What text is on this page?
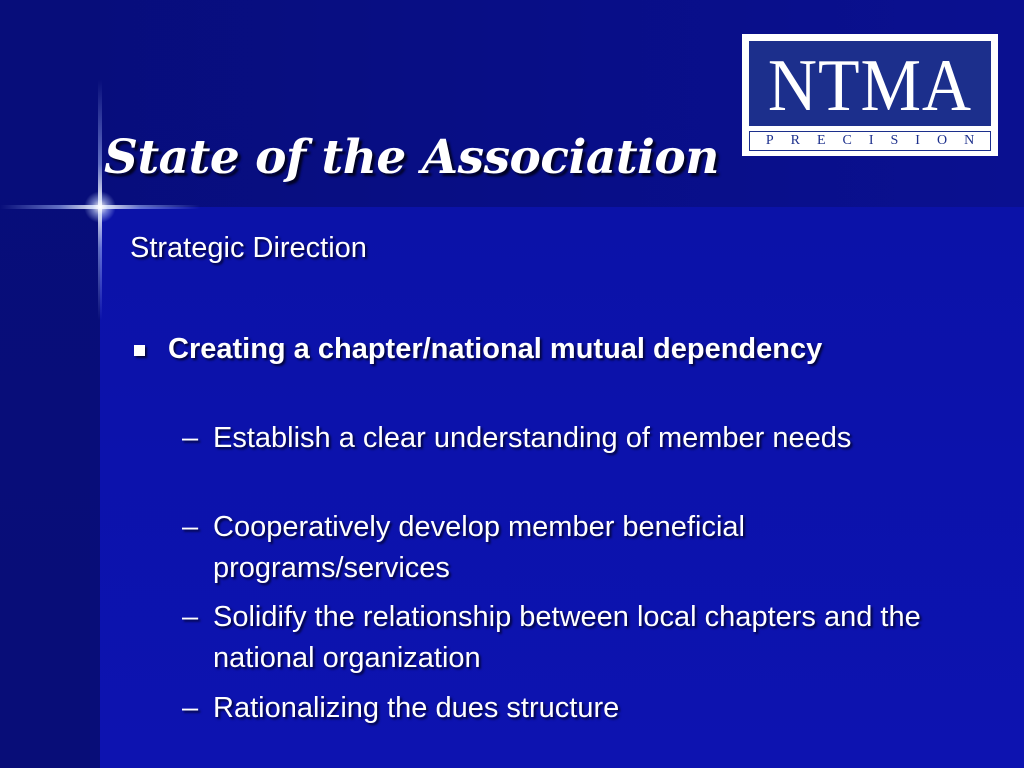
NTMA
PRECISION
State of the Association
Strategic Direction
Creating a chapter/national mutual dependency
– Establish a clear understanding of member needs
– Cooperatively develop member beneficial programs/services
– Solidify the relationship between local chapters and the national organization
– Rationalizing the dues structure
